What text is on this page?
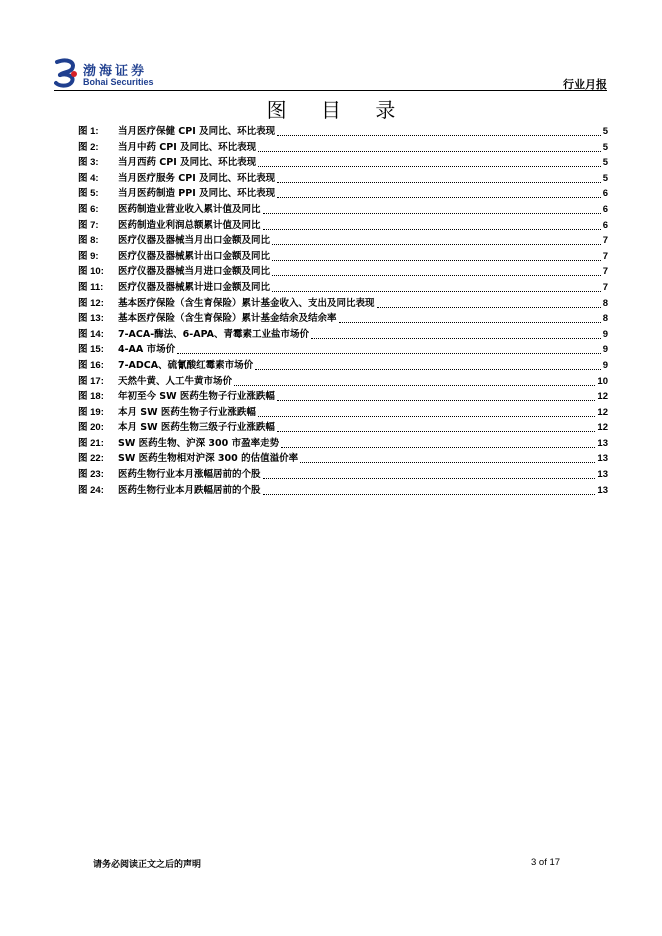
渤海证券
Bohai Securities	行业月报
图 目 录
图 1:	当月医疗保健 CPI 及同比、环比表现	5
图 2:	当月中药 CPI 及同比、环比表现	5
图 3:	当月西药 CPI 及同比、环比表现	5
图 4:	当月医疗服务 CPI 及同比、环比表现	5
图 5:	当月医药制造 PPI 及同比、环比表现	6
图 6:	医药制造业营业收入累计值及同比	6
图 7:	医药制造业利润总额累计值及同比	6
图 8:	医疗仪器及器械当月出口金额及同比	7
图 9:	医疗仪器及器械累计出口金额及同比	7
图 10:	医疗仪器及器械当月进口金额及同比	7
图 11:	医疗仪器及器械累计进口金额及同比	7
图 12:	基本医疗保险（含生育保险）累计基金收入、支出及同比表现	8
图 13:	基本医疗保险（含生育保险）累计基金结余及结余率	8
图 14:	7-ACA-酶法、6-APA、青霉素工业盐市场价	9
图 15:	4-AA 市场价	9
图 16:	7-ADCA、硫氰酸红霉素市场价	9
图 17:	天然牛黄、人工牛黄市场价	10
图 18:	年初至今 SW 医药生物子行业涨跌幅	12
图 19:	本月 SW 医药生物子行业涨跌幅	12
图 20:	本月 SW 医药生物三级子行业涨跌幅	12
图 21:	SW 医药生物、沪深 300 市盈率走势	13
图 22:	SW 医药生物相对沪深 300 的估值溢价率	13
图 23:	医药生物行业本月涨幅居前的个股	13
图 24:	医药生物行业本月跌幅居前的个股	13
请务必阅读正文之后的声明	3 of 17
